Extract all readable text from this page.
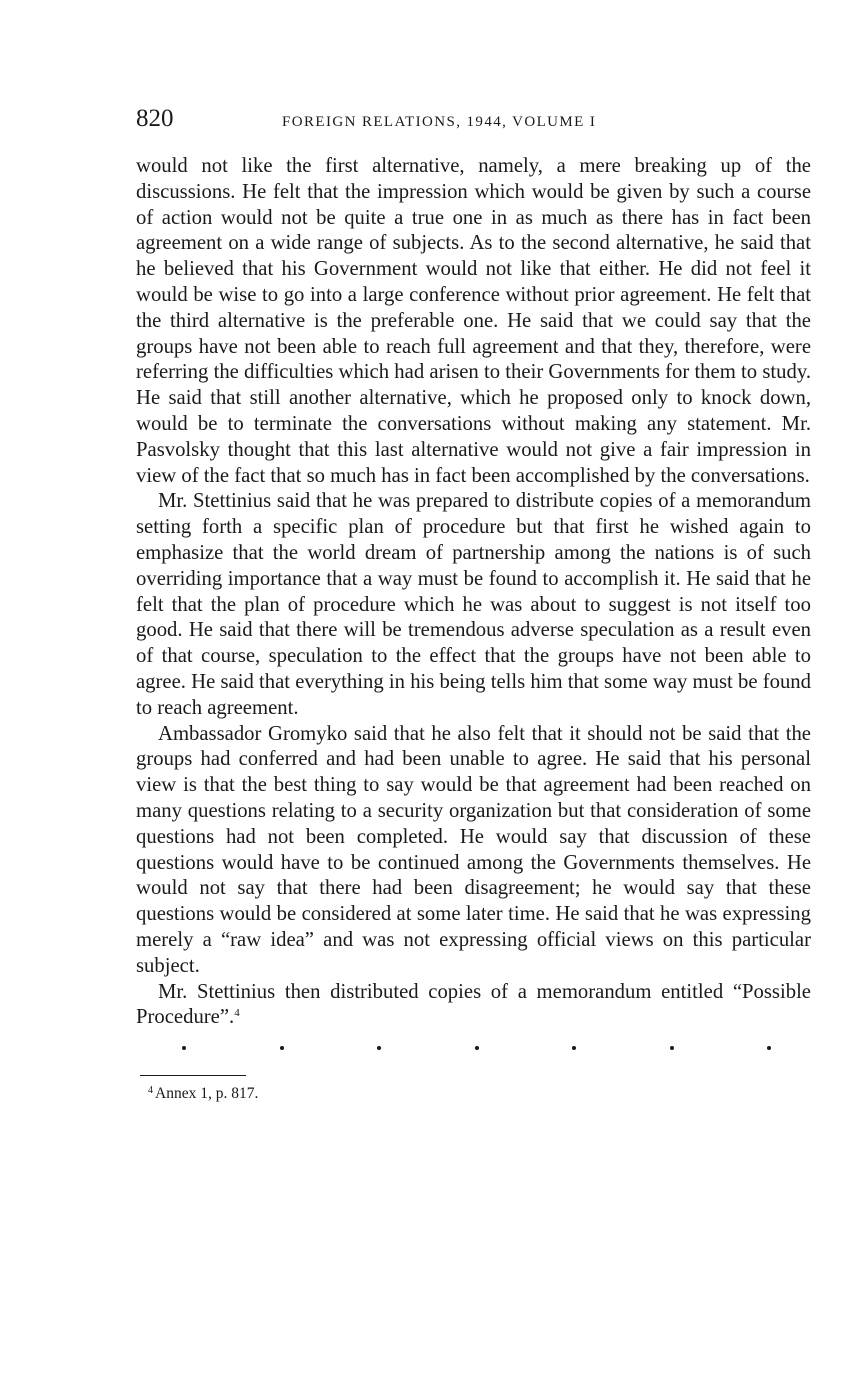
820	FOREIGN RELATIONS, 1944, VOLUME I

would not like the first alternative, namely, a mere breaking up of the discussions. He felt that the impression which would be given by such a course of action would not be quite a true one in as much as there has in fact been agreement on a wide range of subjects. As to the second alternative, he said that he believed that his Government would not like that either. He did not feel it would be wise to go into a large conference without prior agreement. He felt that the third alternative is the preferable one. He said that we could say that the groups have not been able to reach full agreement and that they, therefore, were referring the difficulties which had arisen to their Governments for them to study. He said that still another alternative, which he proposed only to knock down, would be to terminate the conversations without making any statement. Mr. Pasvolsky thought that this last alternative would not give a fair impression in view of the fact that so much has in fact been accomplished by the conversations.

Mr. Stettinius said that he was prepared to distribute copies of a memorandum setting forth a specific plan of procedure but that first he wished again to emphasize that the world dream of partnership among the nations is of such overriding importance that a way must be found to accomplish it. He said that he felt that the plan of procedure which he was about to suggest is not itself too good. He said that there will be tremendous adverse speculation as a result even of that course, speculation to the effect that the groups have not been able to agree. He said that everything in his being tells him that some way must be found to reach agreement.

Ambassador Gromyko said that he also felt that it should not be said that the groups had conferred and had been unable to agree. He said that his personal view is that the best thing to say would be that agreement had been reached on many questions relating to a security organization but that consideration of some questions had not been completed. He would say that discussion of these questions would have to be continued among the Governments themselves. He would not say that there had been disagreement; he would say that these questions would be considered at some later time. He said that he was expressing merely a “raw idea” and was not expressing official views on this particular subject.

Mr. Stettinius then distributed copies of a memorandum entitled “Possible Procedure”.$^4$

$^4$ Annex 1, p. 817.
